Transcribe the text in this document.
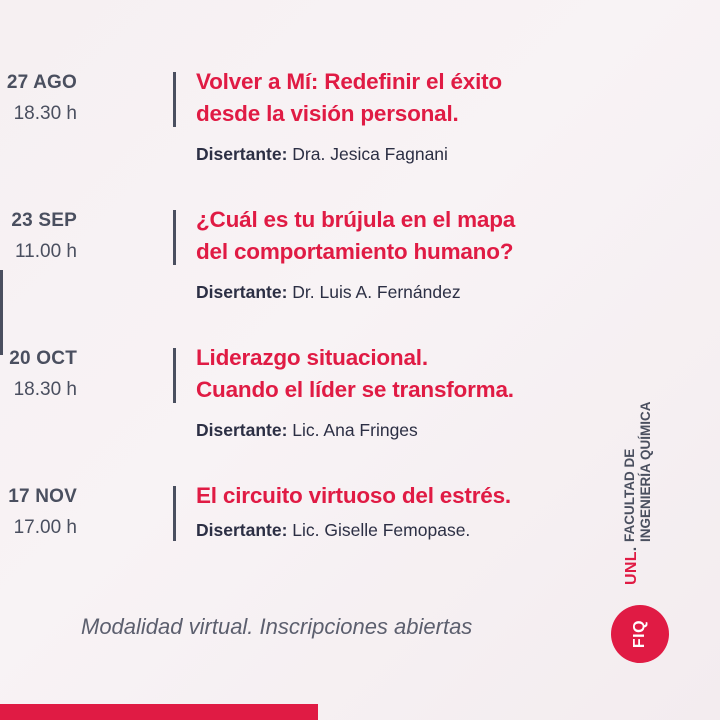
27 AGO
18.30 h
Volver a Mí: Redefinir el éxito
desde la visión personal.
Disertante: Dra. Jesica Fagnani
23 SEP
11.00 h
¿Cuál es tu brújula en el mapa
del comportamiento humano?
Disertante: Dr. Luis A. Fernández
20 OCT
18.30 h
Liderazgo situacional.
Cuando el líder se transforma.
Disertante: Lic. Ana Fringes
17 NOV
17.00 h
El circuito virtuoso del estrés.
Disertante: Lic. Giselle Femopase.
Modalidad virtual. Inscripciones abiertas
UNL.
FACULTAD DE INGENIERÍA QUÍMICA
FIQ
